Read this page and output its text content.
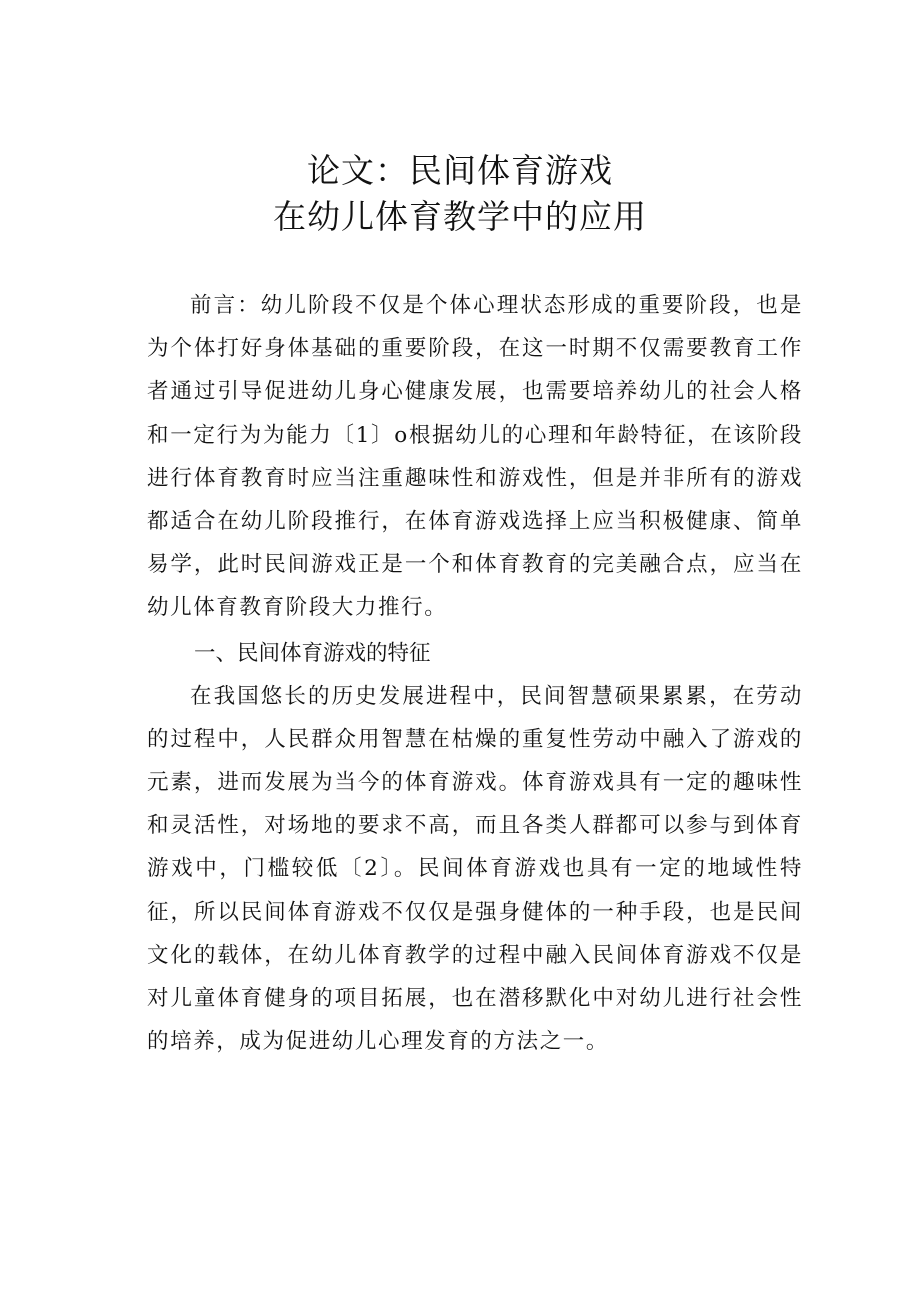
论文：民间体育游戏
在幼儿体育教学中的应用

前言：幼儿阶段不仅是个体心理状态形成的重要阶段，也是为个体打好身体基础的重要阶段，在这一时期不仅需要教育工作者通过引导促进幼儿身心健康发展，也需要培养幼儿的社会人格和一定行为为能力〔1〕o根据幼儿的心理和年龄特征，在该阶段进行体育教育时应当注重趣味性和游戏性，但是并非所有的游戏都适合在幼儿阶段推行，在体育游戏选择上应当积极健康、简单易学，此时民间游戏正是一个和体育教育的完美融合点，应当在幼儿体育教育阶段大力推行。

一、民间体育游戏的特征

在我国悠长的历史发展进程中，民间智慧硕果累累，在劳动的过程中，人民群众用智慧在枯燥的重复性劳动中融入了游戏的元素，进而发展为当今的体育游戏。体育游戏具有一定的趣味性和灵活性，对场地的要求不高，而且各类人群都可以参与到体育游戏中，门槛较低〔2〕。民间体育游戏也具有一定的地域性特征，所以民间体育游戏不仅仅是强身健体的一种手段，也是民间文化的载体，在幼儿体育教学的过程中融入民间体育游戏不仅是对儿童体育健身的项目拓展，也在潜移默化中对幼儿进行社会性的培养，成为促进幼儿心理发育的方法之一。
